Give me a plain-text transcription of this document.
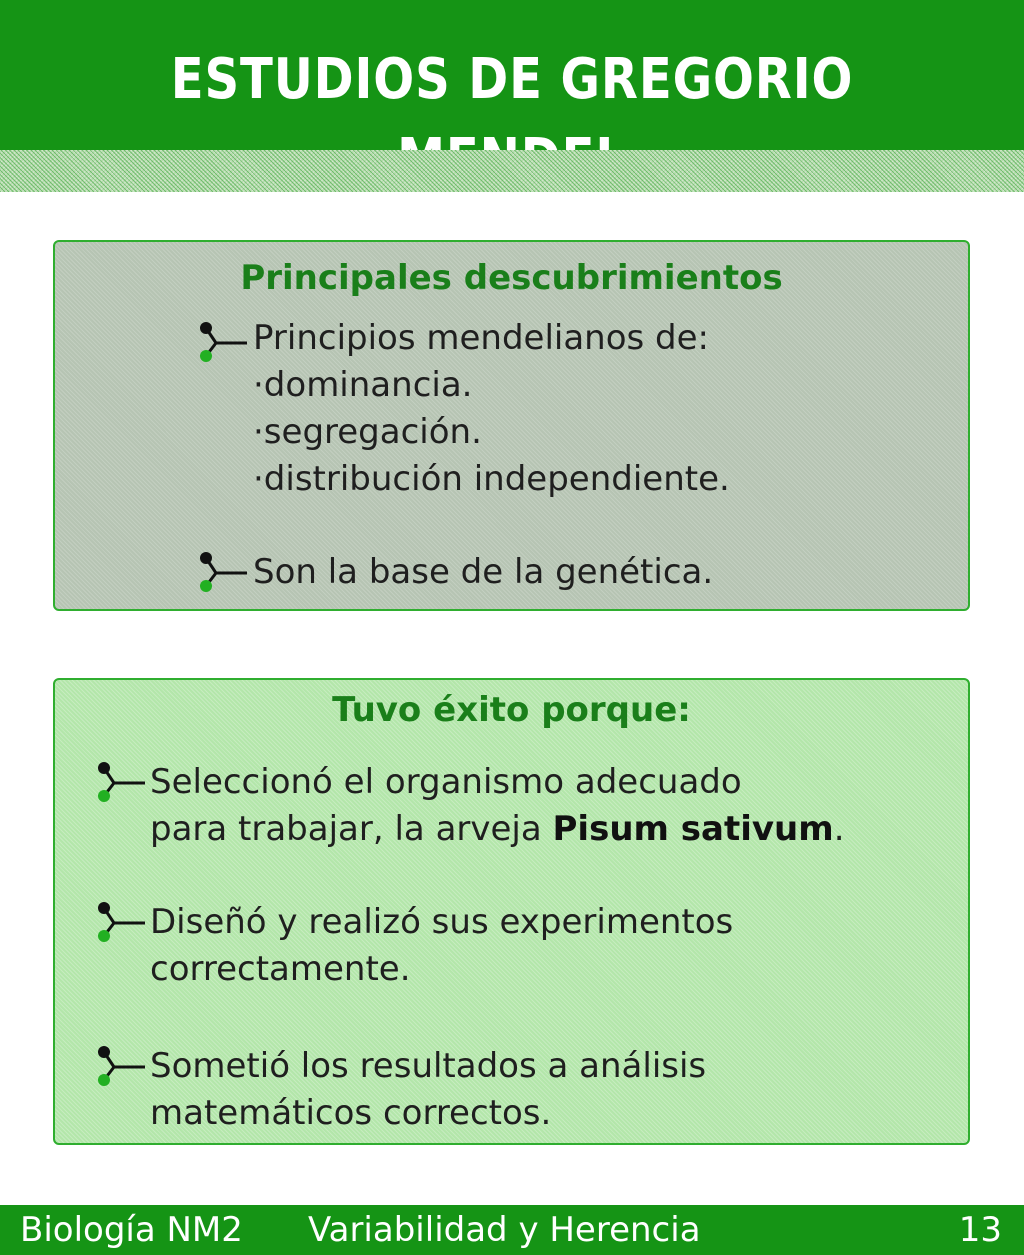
ESTUDIOS DE GREGORIO
Principales descubrimientos
Principios mendelianos de:
·dominancia.
·segregación.
·distribución independiente.
Son la base de la genética.
Tuvo éxito porque:
Seleccionó el organismo adecuado
para trabajar, la arveja Pisum sativum.
Diseñó y realizó sus experimentos
correctamente.
Sometió los resultados a análisis
matemáticos correctos.
Biología NM2 Variabilidad y Herencia	13
